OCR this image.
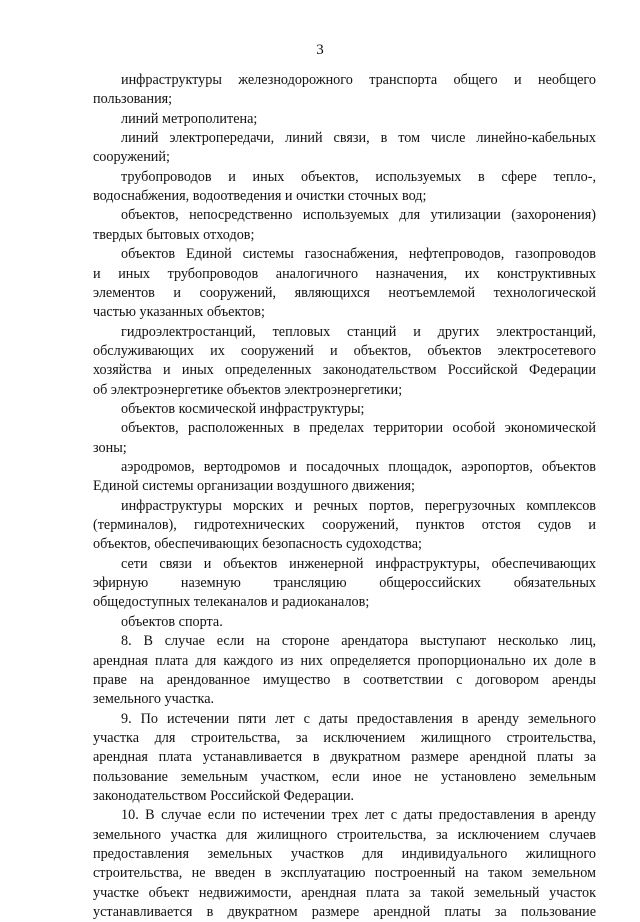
3
инфраструктуры железнодорожного транспорта общего и необщего
пользования;
линий метрополитена;
линий электропередачи, линий связи, в том числе линейно-кабельных
сооружений;
трубопроводов и иных объектов, используемых в сфере тепло-,
водоснабжения, водоотведения и очистки сточных вод;
объектов, непосредственно используемых для утилизации (захоронения)
твердых бытовых отходов;
объектов Единой системы газоснабжения, нефтепроводов, газопроводов
и иных трубопроводов аналогичного назначения, их конструктивных
элементов и сооружений, являющихся неотъемлемой технологической
частью указанных объектов;
гидроэлектростанций, тепловых станций и других электростанций,
обслуживающих их сооружений и объектов, объектов электросетевого
хозяйства и иных определенных законодательством Российской Федерации
об электроэнергетике объектов электроэнергетики;
объектов космической инфраструктуры;
объектов, расположенных в пределах территории особой экономической
зоны;
аэродромов, вертодромов и посадочных площадок, аэропортов, объектов
Единой системы организации воздушного движения;
инфраструктуры морских и речных портов, перегрузочных комплексов
(терминалов), гидротехнических сооружений, пунктов отстоя судов и
объектов, обеспечивающих безопасность судоходства;
сети связи и объектов инженерной инфраструктуры, обеспечивающих
эфирную наземную трансляцию общероссийских обязательных
общедоступных телеканалов и радиоканалов;
объектов спорта.
8. В случае если на стороне арендатора выступают несколько лиц,
арендная плата для каждого из них определяется пропорционально их доле в
праве на арендованное имущество в соответствии с договором аренды
земельного участка.
9. По истечении пяти лет с даты предоставления в аренду земельного
участка для строительства, за исключением жилищного строительства,
арендная плата устанавливается в двукратном размере арендной платы за
пользование земельным участком, если иное не установлено земельным
законодательством Российской Федерации.
10. В случае если по истечении трех лет с даты предоставления в аренду
земельного участка для жилищного строительства, за исключением случаев
предоставления земельных участков для индивидуального жилищного
строительства, не введен в эксплуатацию построенный на таком земельном
участке объект недвижимости, арендная плата за такой земельный участок
устанавливается в двукратном размере арендной платы за пользование
